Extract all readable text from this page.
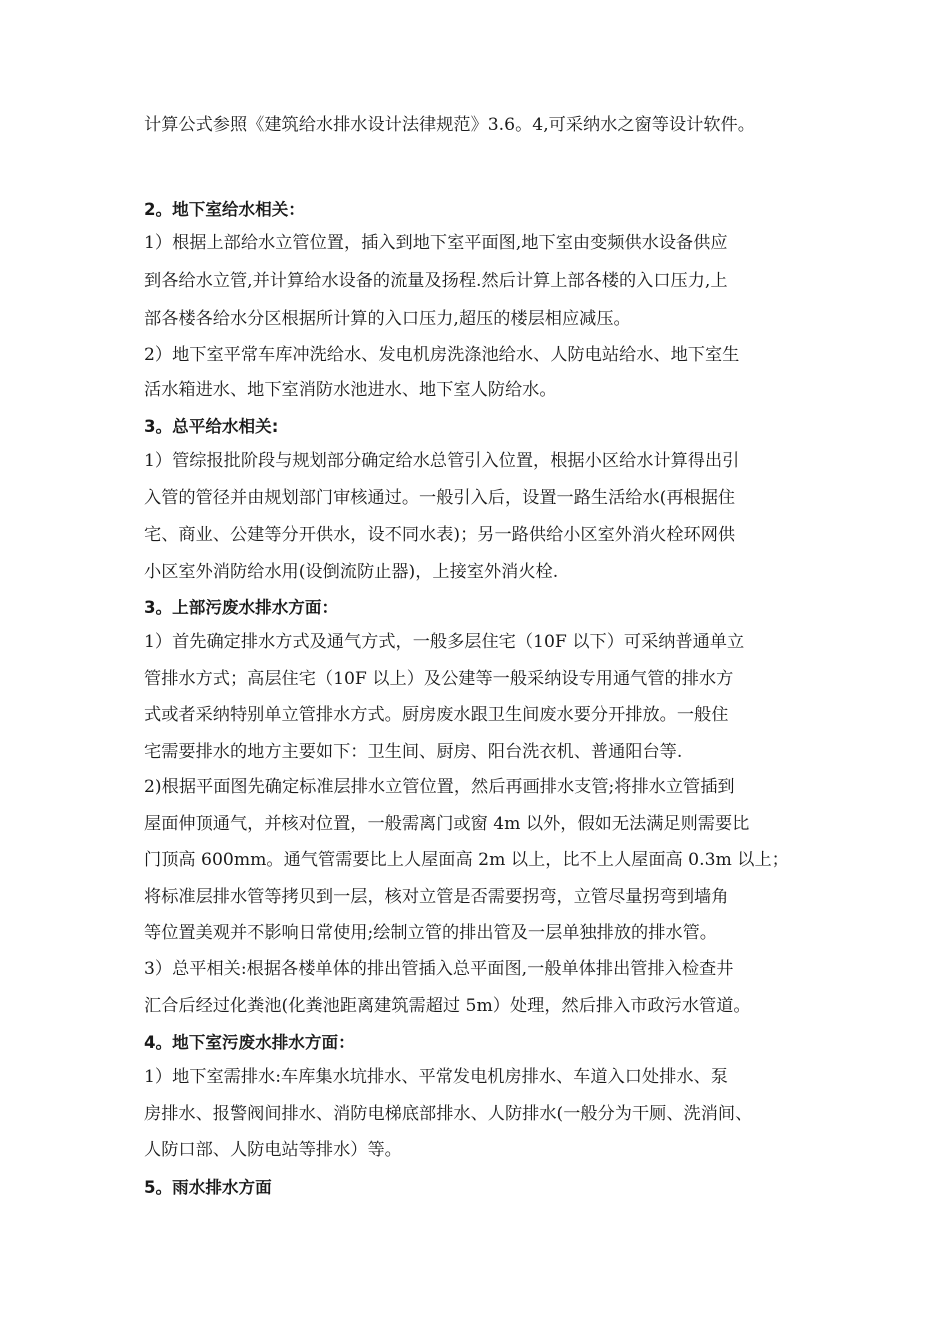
计算公式参照《建筑给水排水设计法律规范》3.6。4,可采纳水之窗等设计软件。

2。地下室给水相关：

1）根据上部给水立管位置，插入到地下室平面图,地下室由变频供水设备供应

到各给水立管,并计算给水设备的流量及扬程.然后计算上部各楼的入口压力,上

部各楼各给水分区根据所计算的入口压力,超压的楼层相应减压。

2）地下室平常车库冲洗给水、发电机房洗涤池给水、人防电站给水、地下室生

活水箱进水、地下室消防水池进水、地下室人防给水。

3。总平给水相关:

1）管综报批阶段与规划部分确定给水总管引入位置，根据小区给水计算得出引

入管的管径并由规划部门审核通过。一般引入后，设置一路生活给水(再根据住

宅、商业、公建等分开供水，设不同水表)；另一路供给小区室外消火栓环网供

小区室外消防给水用(设倒流防止器)，上接室外消火栓.

3。上部污废水排水方面：

1）首先确定排水方式及通气方式，一般多层住宅（10F 以下）可采纳普通单立

管排水方式；高层住宅（10F 以上）及公建等一般采纳设专用通气管的排水方

式或者采纳特别单立管排水方式。厨房废水跟卫生间废水要分开排放。一般住

宅需要排水的地方主要如下：卫生间、厨房、阳台洗衣机、普通阳台等.

2)根据平面图先确定标准层排水立管位置，然后再画排水支管;将排水立管插到

屋面伸顶通气，并核对位置，一般需离门或窗 4m 以外，假如无法满足则需要比

门顶高 600mm。通气管需要比上人屋面高 2m 以上，比不上人屋面高 0.3m 以上；

将标准层排水管等拷贝到一层，核对立管是否需要拐弯，立管尽量拐弯到墙角

等位置美观并不影响日常使用;绘制立管的排出管及一层单独排放的排水管。

3）总平相关:根据各楼单体的排出管插入总平面图,一般单体排出管排入检查井

汇合后经过化粪池(化粪池距离建筑需超过 5m）处理，然后排入市政污水管道。

4。地下室污废水排水方面：

1）地下室需排水:车库集水坑排水、平常发电机房排水、车道入口处排水、泵

房排水、报警阀间排水、消防电梯底部排水、人防排水(一般分为干厕、洗消间、

人防口部、人防电站等排水）等。

5。雨水排水方面
